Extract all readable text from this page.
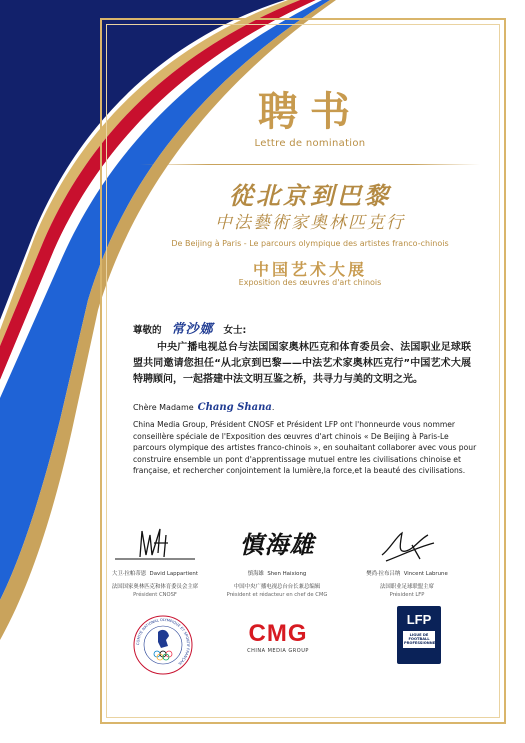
聘书
Lettre de nomination
從北京到巴黎
中法藝術家奧林匹克行
De Beijing à Paris - Le parcours olympique des artistes franco-chinois
中国艺术大展
Exposition des œuvres d'art chinois
尊敬的 常沙娜 女士:
中央广播电视总台与法国国家奥林匹克和体育委员会、法国职业足球联盟共同邀请您担任“从北京到巴黎——中法艺术家奥林匹克行”中国艺术大展特聘顾问，一起搭建中法文明互鉴之桥，共寻力与美的文明之光。
Chère Madame Chang Shana .
China Media Group, Président CNOSF et Président LFP ont l'honneurde vous nommer conseillère spéciale de l'Exposition des œuvres d'art chinois « De Beijing à Paris-Le parcours olympique des artistes franco-chinois », en souhaitant collaborer avec vous pour construire ensemble un pont d'apprentissage mutuel entre les civilisations chinoise et française, et rechercher conjointement la lumière,la force,et la beauté des civilisations.
大卫·拉帕蒂恩 David Lappartient
法国国家奥林匹克和体育委员会主席
Président CNOSF
慎海雄
慎海雄 Shen Haixiong
中国中央广播电视总台台长兼总编辑
Président et rédacteur en chef de CMG
樊尚·拉布吕纳 Vincent Labrune
法国职业足球联盟主席
Président LFP
COMITÉ NATIONAL OLYMPIQUE ET SPORTIF FRANÇAIS
CMG
CHINA MEDIA GROUP
LFP
LIGUE DE FOOTBALL PROFESSIONNEL
